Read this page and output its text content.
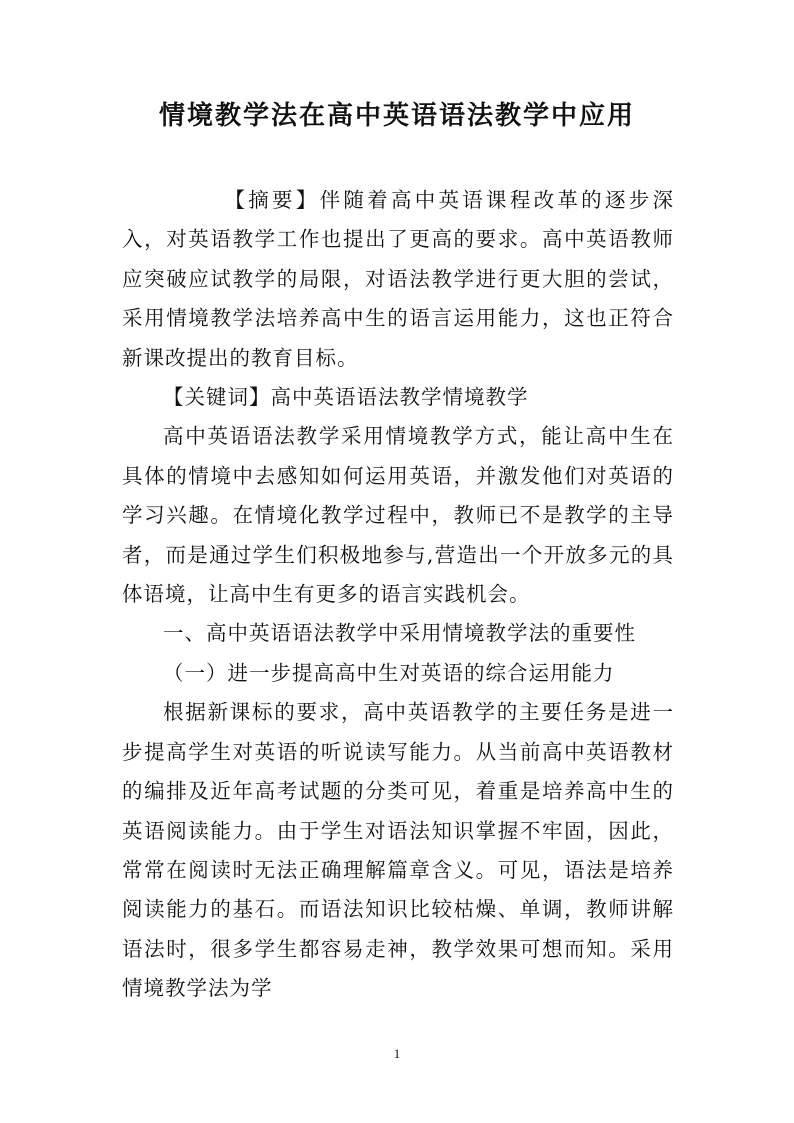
情境教学法在高中英语语法教学中应用

【摘要】伴随着高中英语课程改革的逐步深入，对英语教学工作也提出了更高的要求。高中英语教师应突破应试教学的局限，对语法教学进行更大胆的尝试，采用情境教学法培养高中生的语言运用能力，这也正符合新课改提出的教育目标。

【关键词】高中英语语法教学情境教学

高中英语语法教学采用情境教学方式，能让高中生在具体的情境中去感知如何运用英语，并激发他们对英语的学习兴趣。在情境化教学过程中，教师已不是教学的主导者，而是通过学生们积极地参与,营造出一个开放多元的具体语境，让高中生有更多的语言实践机会。

一、高中英语语法教学中采用情境教学法的重要性

（一）进一步提高高中生对英语的综合运用能力

根据新课标的要求，高中英语教学的主要任务是进一步提高学生对英语的听说读写能力。从当前高中英语教材的编排及近年高考试题的分类可见，着重是培养高中生的英语阅读能力。由于学生对语法知识掌握不牢固，因此，常常在阅读时无法正确理解篇章含义。可见，语法是培养阅读能力的基石。而语法知识比较枯燥、单调，教师讲解语法时，很多学生都容易走神，教学效果可想而知。采用情境教学法为学

1
